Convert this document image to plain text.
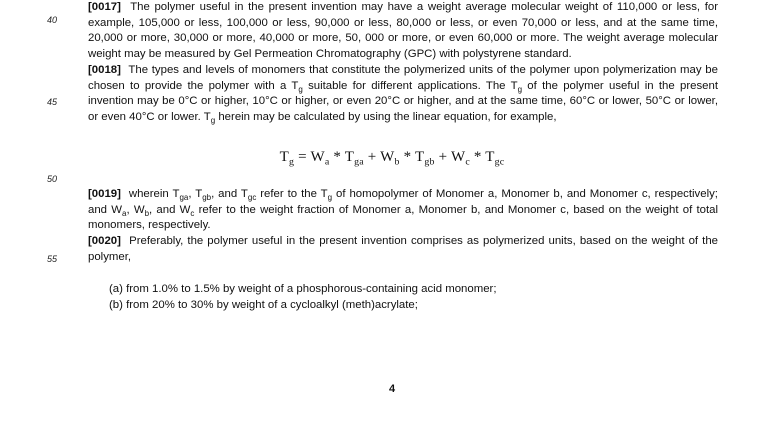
40
45
50
55
[0017] The polymer useful in the present invention may have a weight average molecular weight of 110,000 or less, for example, 105,000 or less, 100,000 or less, 90,000 or less, 80,000 or less, or even 70,000 or less, and at the same time, 20,000 or more, 30,000 or more, 40,000 or more, 50, 000 or more, or even 60,000 or more. The weight average molecular weight may be measured by Gel Permeation Chromatography (GPC) with polystyrene standard.
[0018] The types and levels of monomers that constitute the polymerized units of the polymer upon polymerization may be chosen to provide the polymer with a $T_g$ suitable for different applications. The $T_g$ of the polymer useful in the present invention may be 0°C or higher, 10°C or higher, or even 20°C or higher, and at the same time, 60°C or lower, 50°C or lower, or even 40°C or lower. $T_g$ herein may be calculated by using the linear equation, for example,
$T_g = W_a * T_{ga} + W_b * T_{gb} + W_c * T_{gc}$
[0019] wherein $T_{ga}$, $T_{gb}$, and $T_{gc}$ refer to the $T_g$ of homopolymer of Monomer a, Monomer b, and Monomer c, respectively; and $W_a$, $W_b$, and $W_c$ refer to the weight fraction of Monomer a, Monomer b, and Monomer c, based on the weight of total monomers, respectively.
[0020] Preferably, the polymer useful in the present invention comprises as polymerized units, based on the weight of the polymer,
(a) from 1.0% to 1.5% by weight of a phosphorous-containing acid monomer;
(b) from 20% to 30% by weight of a cycloalkyl (meth)acrylate;
4
